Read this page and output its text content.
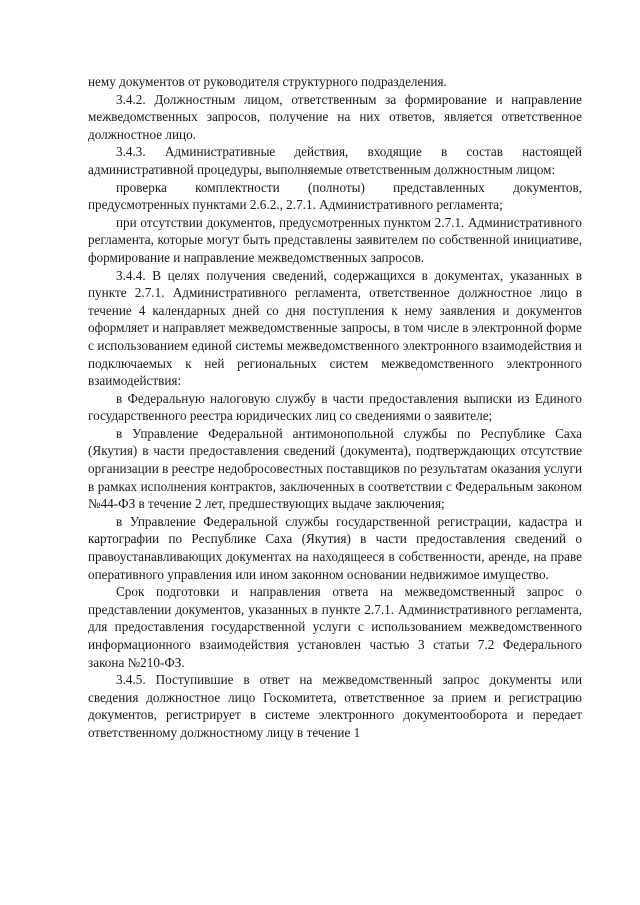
нему документов от руководителя структурного подразделения.

3.4.2. Должностным лицом, ответственным за формирование и направление межведомственных запросов, получение на них ответов, является ответственное должностное лицо.

3.4.3. Административные действия, входящие в состав настоящей административной процедуры, выполняемые ответственным должностным лицом:

проверка комплектности (полноты) представленных документов, предусмотренных пунктами 2.6.2., 2.7.1. Административного регламента;

при отсутствии документов, предусмотренных пунктом 2.7.1. Административного регламента, которые могут быть представлены заявителем по собственной инициативе, формирование и направление межведомственных запросов.

3.4.4. В целях получения сведений, содержащихся в документах, указанных в пункте 2.7.1. Административного регламента, ответственное должностное лицо в течение 4 календарных дней со дня поступления к нему заявления и документов оформляет и направляет межведомственные запросы, в том числе в электронной форме с использованием единой системы межведомственного электронного взаимодействия и подключаемых к ней региональных систем межведомственного электронного взаимодействия:

в Федеральную налоговую службу в части предоставления выписки из Единого государственного реестра юридических лиц со сведениями о заявителе;

в Управление Федеральной антимонопольной службы по Республике Саха (Якутия) в части предоставления сведений (документа), подтверждающих отсутствие организации в реестре недобросовестных поставщиков по результатам оказания услуги в рамках исполнения контрактов, заключенных в соответствии с Федеральным законом №44-ФЗ в течение 2 лет, предшествующих выдаче заключения;

в Управление Федеральной службы государственной регистрации, кадастра и картографии по Республике Саха (Якутия) в части предоставления сведений о правоустанавливающих документах на находящееся в собственности, аренде, на праве оперативного управления или ином законном основании недвижимое имущество.

Срок подготовки и направления ответа на межведомственный запрос о представлении документов, указанных в пункте 2.7.1. Административного регламента, для предоставления государственной услуги с использованием межведомственного информационного взаимодействия установлен частью 3 статьи 7.2 Федерального закона №210-ФЗ.

3.4.5. Поступившие в ответ на межведомственный запрос документы или сведения должностное лицо Госкомитета, ответственное за прием и регистрацию документов, регистрирует в системе электронного документооборота и передает ответственному должностному лицу в течение 1
